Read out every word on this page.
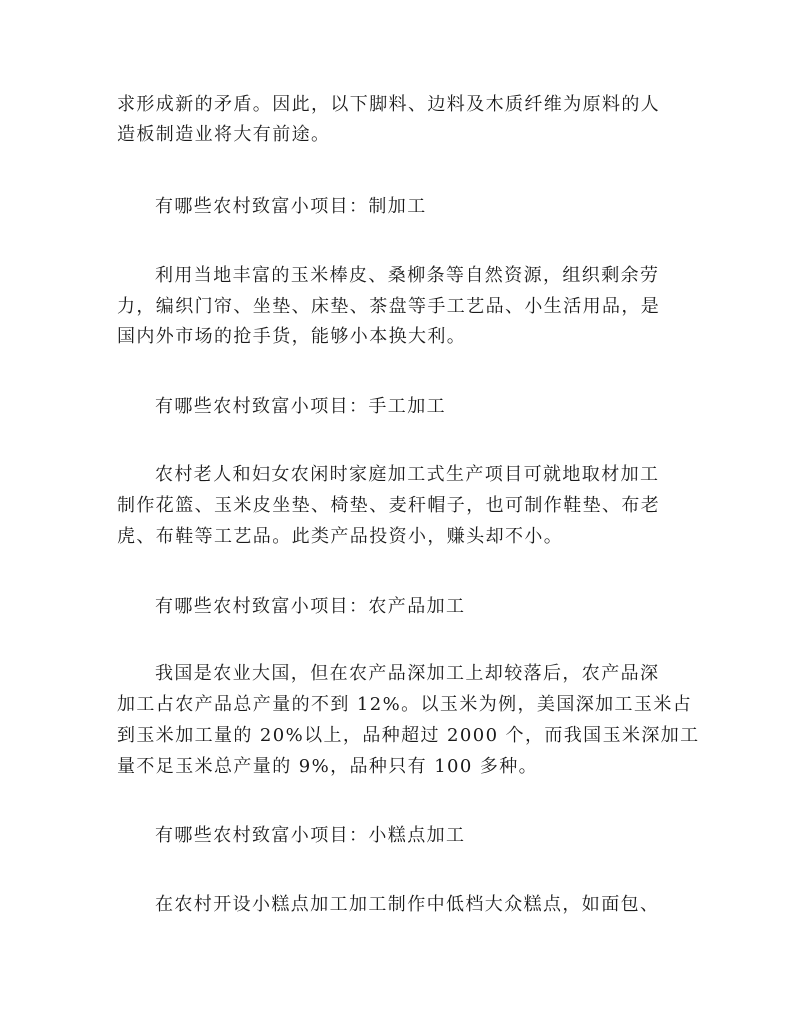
求形成新的矛盾。因此，以下脚料、边料及木质纤维为原料的人
造板制造业将大有前途。
有哪些农村致富小项目：制加工
利用当地丰富的玉米棒皮、桑柳条等自然资源，组织剩余劳
力，编织门帘、坐垫、床垫、茶盘等手工艺品、小生活用品，是
国内外市场的抢手货，能够小本换大利。
有哪些农村致富小项目：手工加工
农村老人和妇女农闲时家庭加工式生产项目可就地取材加工
制作花篮、玉米皮坐垫、椅垫、麦秆帽子，也可制作鞋垫、布老
虎、布鞋等工艺品。此类产品投资小，赚头却不小。
有哪些农村致富小项目：农产品加工
我国是农业大国，但在农产品深加工上却较落后，农产品深
加工占农产品总产量的不到 12%。以玉米为例，美国深加工玉米占
到玉米加工量的 20%以上，品种超过 2000 个，而我国玉米深加工
量不足玉米总产量的 9%，品种只有 100 多种。
有哪些农村致富小项目：小糕点加工
在农村开设小糕点加工加工制作中低档大众糕点，如面包、
